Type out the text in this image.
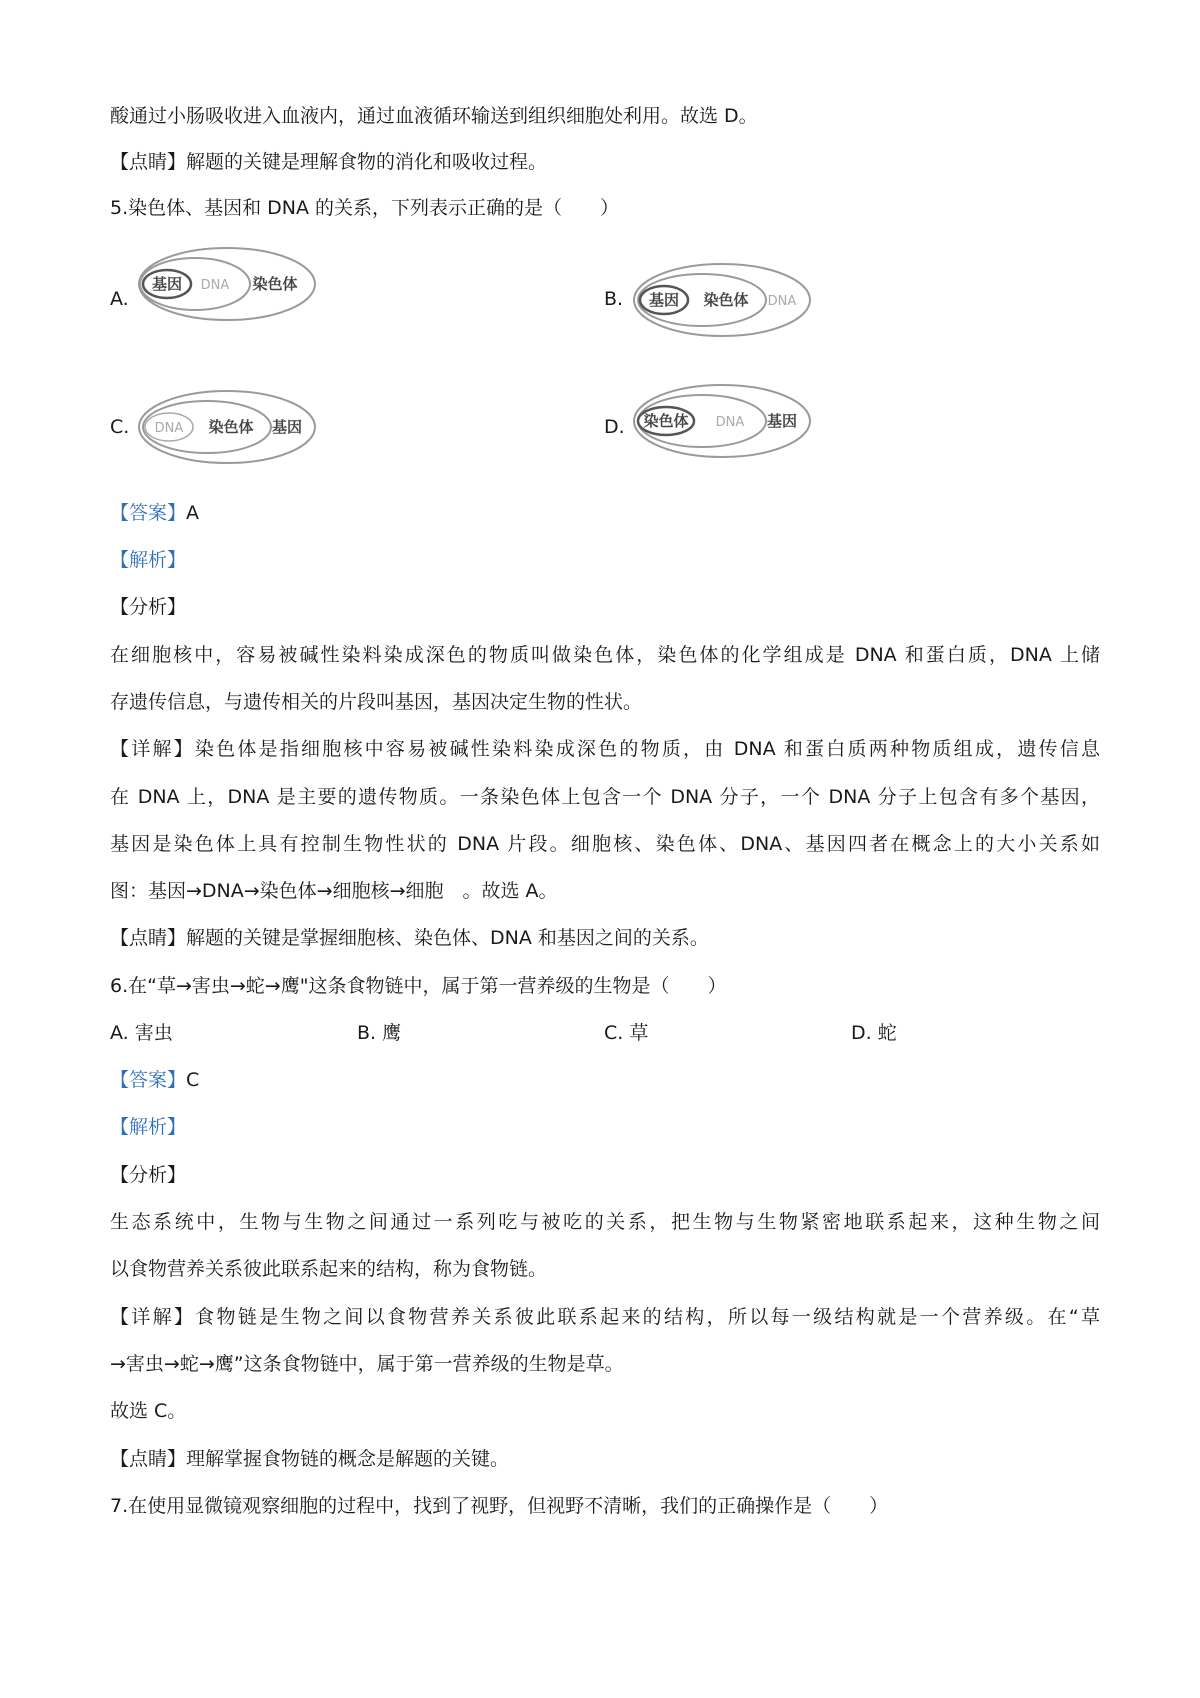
酸通过小肠吸收进入血液内，通过血液循环输送到组织细胞处利用。故选 D。
【点睛】解题的关键是理解食物的消化和吸收过程。
5.染色体、基因和 DNA 的关系，下列表示正确的是（　　）
A.
基因 DNA 染色体
B. 基因 染色体 DNA
C. DNA 染色体 基因	D. 染色体 DNA 基因
【答案】A
【解析】
【分析】
在细胞核中，容易被碱性染料染成深色的物质叫做染色体，染色体的化学组成是 DNA 和蛋白质，DNA 上储
存遗传信息，与遗传相关的片段叫基因，基因决定生物的性状。
【详解】染色体是指细胞核中容易被碱性染料染成深色的物质，由 DNA 和蛋白质两种物质组成，遗传信息
在 DNA 上，DNA 是主要的遗传物质。一条染色体上包含一个 DNA 分子，一个 DNA 分子上包含有多个基因，
基因是染色体上具有控制生物性状的 DNA 片段。细胞核、染色体、DNA、基因四者在概念上的大小关系如
图：基因→DNA→染色体→细胞核→细胞　。故选 A。
【点睛】解题的关键是掌握细胞核、染色体、DNA 和基因之间的关系。
6.在“草→害虫→蛇→鹰"这条食物链中，属于第一营养级的生物是（　　）
A. 害虫	B. 鹰	C. 草	D. 蛇
【答案】C
【解析】
【分析】
生态系统中，生物与生物之间通过一系列吃与被吃的关系，把生物与生物紧密地联系起来，这种生物之间
以食物营养关系彼此联系起来的结构，称为食物链。
【详解】食物链是生物之间以食物营养关系彼此联系起来的结构，所以每一级结构就是一个营养级。在“草
→害虫→蛇→鹰”这条食物链中，属于第一营养级的生物是草。
故选 C。
【点睛】理解掌握食物链的概念是解题的关键。
7.在使用显微镜观察细胞的过程中，找到了视野，但视野不清晰，我们的正确操作是（　　）
